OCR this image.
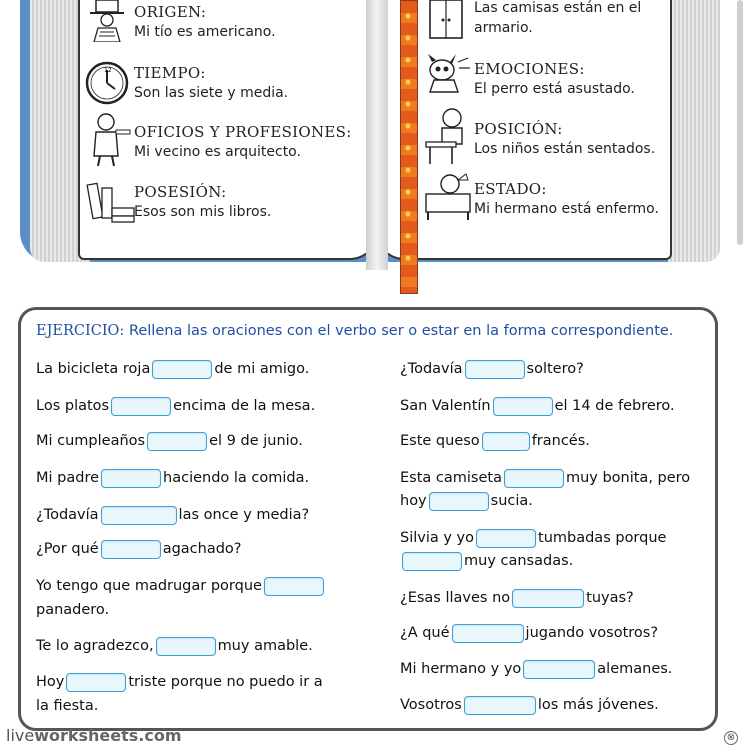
12
ORIGEN:
Mi tío es americano.
TIEMPO:
Son las siete y media.
OFICIOS Y PROFESIONES:
Mi vecino es arquitecto.
POSESIÓN:
Esos son mis libros.
Las camisas están en el
armario.
EMOCIONES:
El perro está asustado.
POSICIÓN:
Los niños están sentados.
ESTADO:
Mi hermano está enfermo.
EJERCICIO: Rellena las oraciones con el verbo ser o estar en la forma correspondiente.
La bicicleta roja	de mi amigo.
Los platos	encima de la mesa.
Mi cumpleaños	el 9 de junio.
Mi padre	haciendo la comida.
¿Todavía	las once y media?
¿Por qué	agachado?
Yo tengo que madrugar porque
panadero.
Te lo agradezco,	muy amable.
Hoy	triste porque no puedo ir a
la fiesta.
¿Todavía	soltero?
San Valentín	el 14 de febrero.
Este queso	francés.
Esta camiseta	muy bonita, pero
hoy	sucia.
Silvia y yo	tumbadas porque
muy cansadas.
¿Esas llaves no	tuyas?
¿A qué	jugando vosotros?
Mi hermano y yo	alemanes.
Vosotros	los más jóvenes.
liveworksheets.com	⊗
